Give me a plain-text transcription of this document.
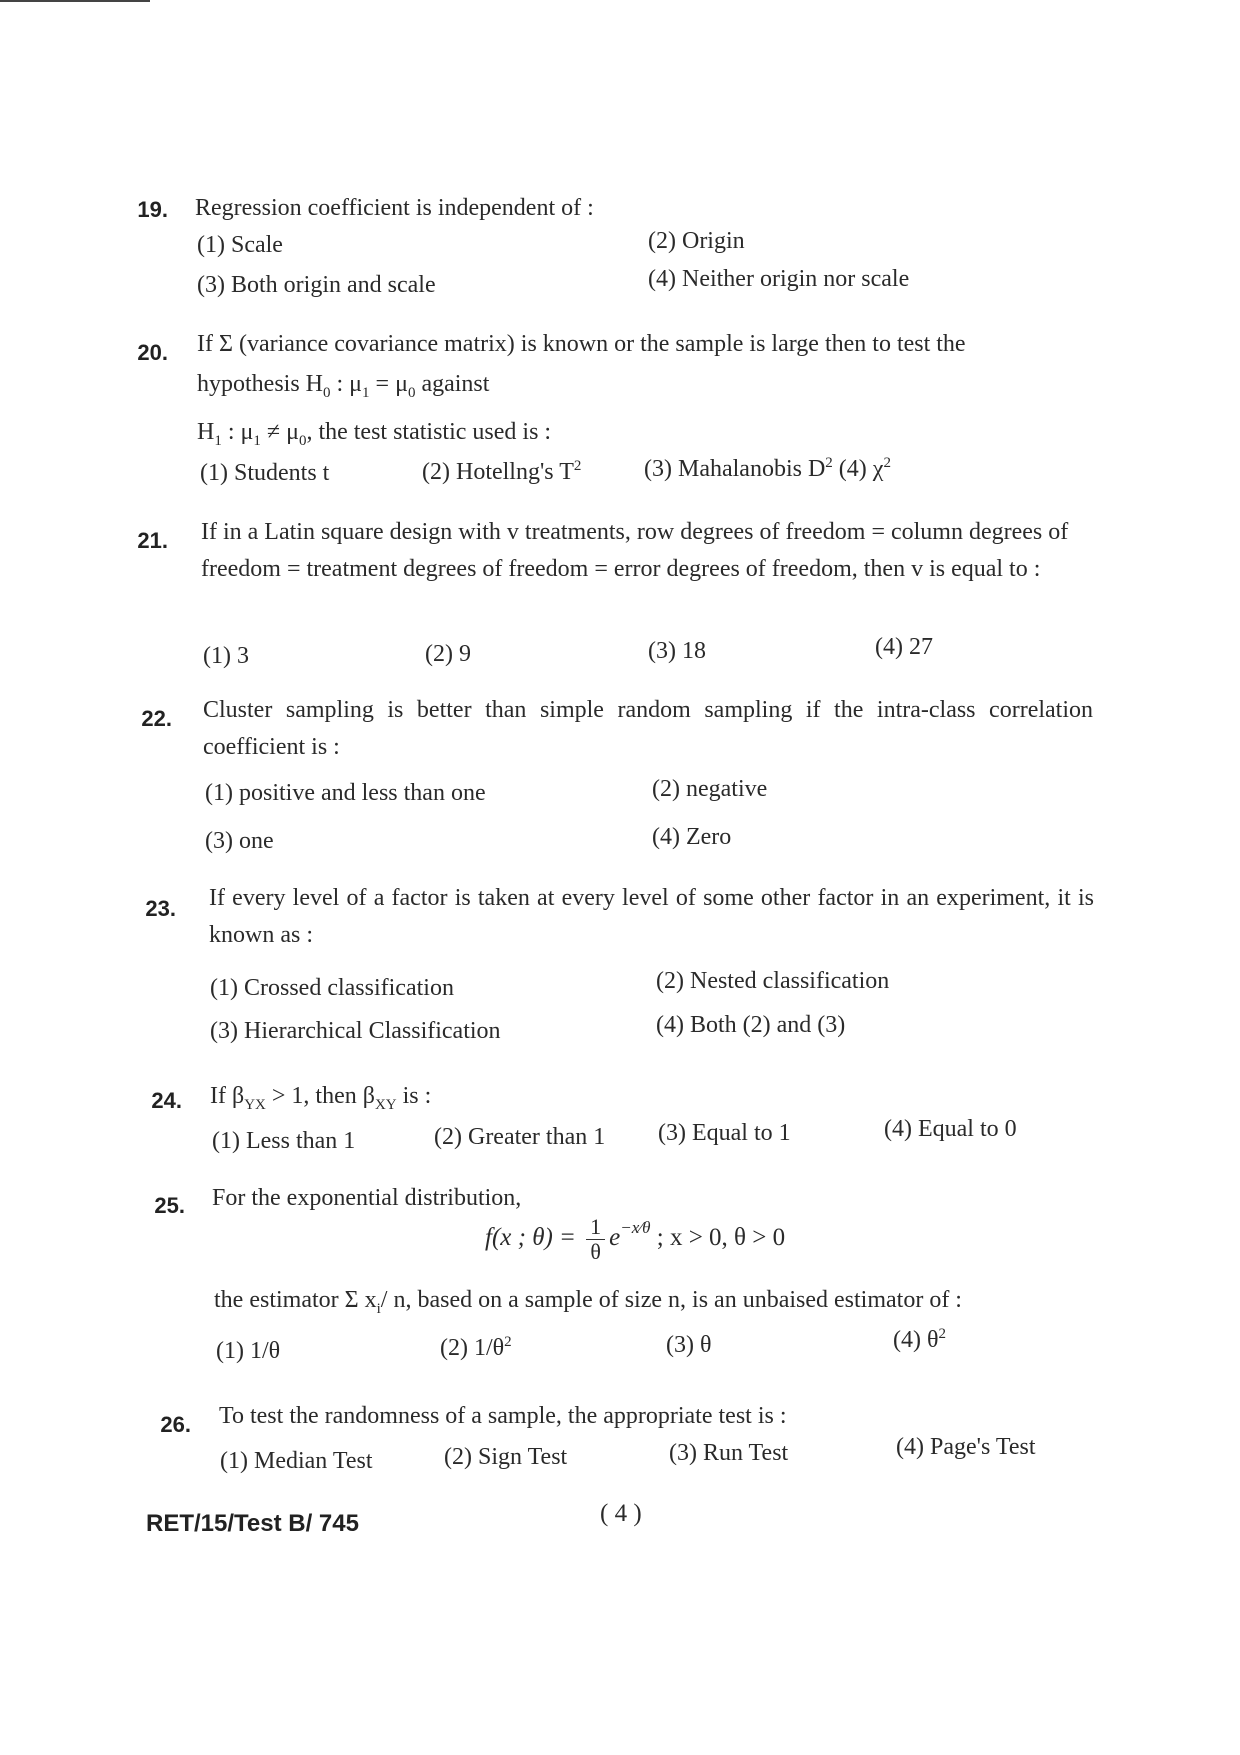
19. Regression coefficient is independent of :
(1) Scale	(2) Origin
(3) Both origin and scale	(4) Neither origin nor scale
20. If Σ (variance covariance matrix) is known or the sample is large then to test the
hypothesis $H_0$ : $\mu_1 = \mu_0$ against
$H_1$ : $\mu_1 \ne \mu_0$, the test statistic used is :
(1) Students t	(2) Hotellng's $T^2$	(3) Mahalanobis $D^2$ (4) $\chi^2$
21. If in a Latin square design with v treatments, row degrees of freedom = column degrees of freedom = treatment degrees of freedom = error degrees of freedom, then v is equal to :
(1) 3	(2) 9	(3) 18	(4) 27
22. Cluster sampling is better than simple random sampling if the intra-class correlation coefficient is :
(1) positive and less than one	(2) negative
(3) one	(4) Zero
23. If every level of a factor is taken at every level of some other factor in an experiment, it is known as :
(1) Crossed classification	(2) Nested classification
(3) Hierarchical Classification	(4) Both (2) and (3)
24. If $\beta_{YX} > 1$, then $\beta_{XY}$ is :
(1) Less than 1	(2) Greater than 1 (3) Equal to 1	(4) Equal to 0
25. For the exponential distribution,
f(x ; $\theta) = \frac{1}{\theta} e^{-x⁄\theta}$ ; x > 0, θ > 0
the estimator Σ $x_i/$ n, based on a sample of size n, is an unbaised estimator of :
(1) 1/θ	(2) $1/\theta^2$	(3) θ	(4) $\theta^2$
26. To test the randomness of a sample, the appropriate test is :
(1) Median Test	(2) Sign Test	(3) Run Test	(4) Page's Test
RET/15/Test B/ 745	( 4 )
